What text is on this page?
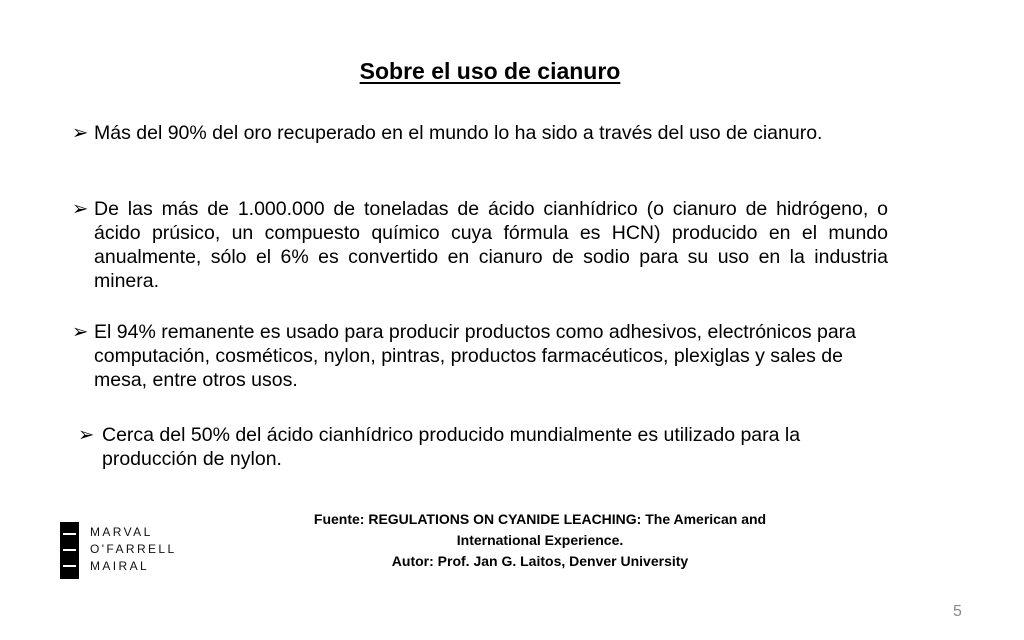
Sobre el uso de cianuro
➢ Más del 90% del oro recuperado en el mundo lo ha sido a través del uso de cianuro.
➢ De las más de 1.000.000 de toneladas de ácido cianhídrico (o cianuro de hidrógeno, o ácido prúsico, un compuesto químico cuya fórmula es HCN) producido en el mundo anualmente, sólo el 6% es convertido en cianuro de sodio para su uso en la industria minera.
➢ El 94% remanente es usado para producir productos como adhesivos, electrónicos para computación, cosméticos, nylon, pintras, productos farmacéuticos, plexiglas y sales de mesa, entre otros usos.
➢ Cerca del 50% del ácido cianhídrico producido mundialmente es utilizado para la producción de nylon.
Fuente: REGULATIONS ON CYANIDE LEACHING: The American and
International Experience.
Autor: Prof. Jan G. Laitos, Denver University
MARVAL
O'FARRELL
MAIRAL
5
